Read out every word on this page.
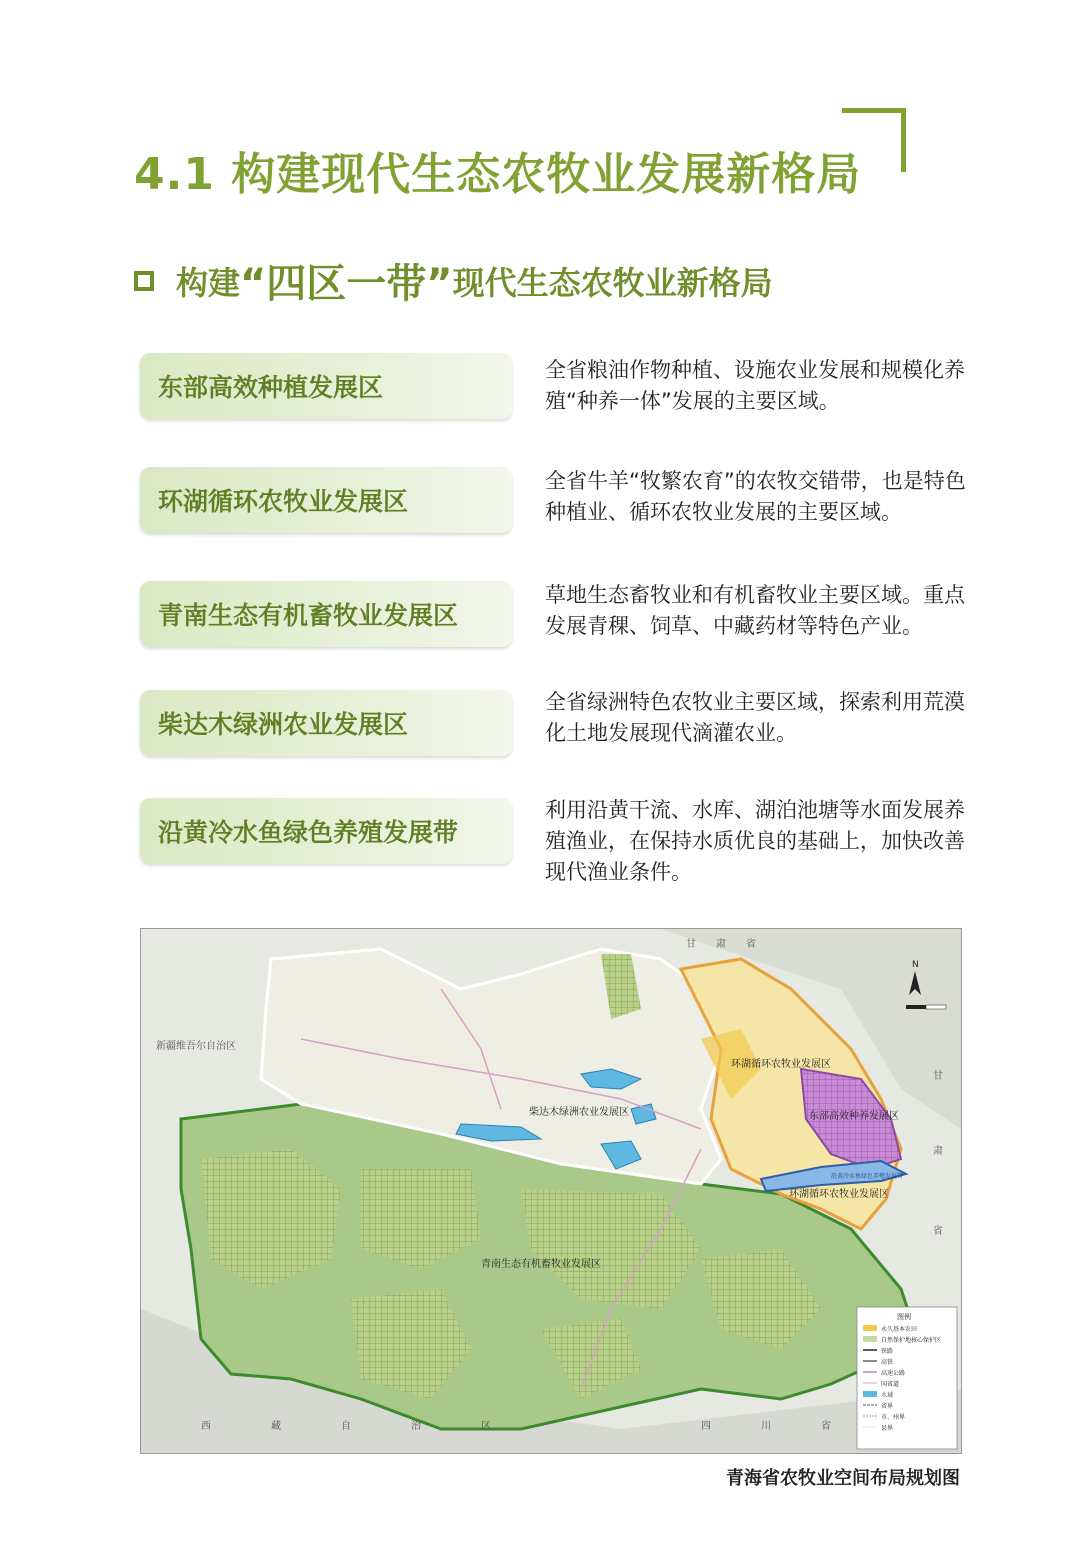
4.1 构建现代生态农牧业发展新格局
构建 “四区一带” 现代生态农牧业新格局
东部高效种植发展区
全省粮油作物种植、设施农业发展和规模化养殖“种养一体”发展的主要区域。
环湖循环农牧业发展区
全省牛羊“牧繁农育”的农牧交错带，也是特色种植业、循环农牧业发展的主要区域。
青南生态有机畜牧业发展区
草地生态畜牧业和有机畜牧业主要区域。重点发展青稞、饲草、中藏药材等特色产业。
柴达木绿洲农业发展区
全省绿洲特色农牧业主要区域，探索利用荒漠化土地发展现代滴灌农业。
沿黄冷水鱼绿色养殖发展带
利用沿黄干流、水库、湖泊池塘等水面发展养殖渔业，在保持水质优良的基础上，加快改善现代渔业条件。
新疆维吾尔自治区
甘 肃 省
甘
肃
省
西	藏	自	治	区	四	川	省
环湖循环农牧业发展区
东部高效种养发展区
柴达木绿洲农业发展区
环湖循环农牧业发展区
青南生态有机畜牧业发展区
沿黄冷水鱼绿色养殖发展带
N
图例
永久基本农田
自然保护地核心保护区
铁路
高铁
高速公路
国省道
水域
省界
市、州界
县界
青海省农牧业空间布局规划图
